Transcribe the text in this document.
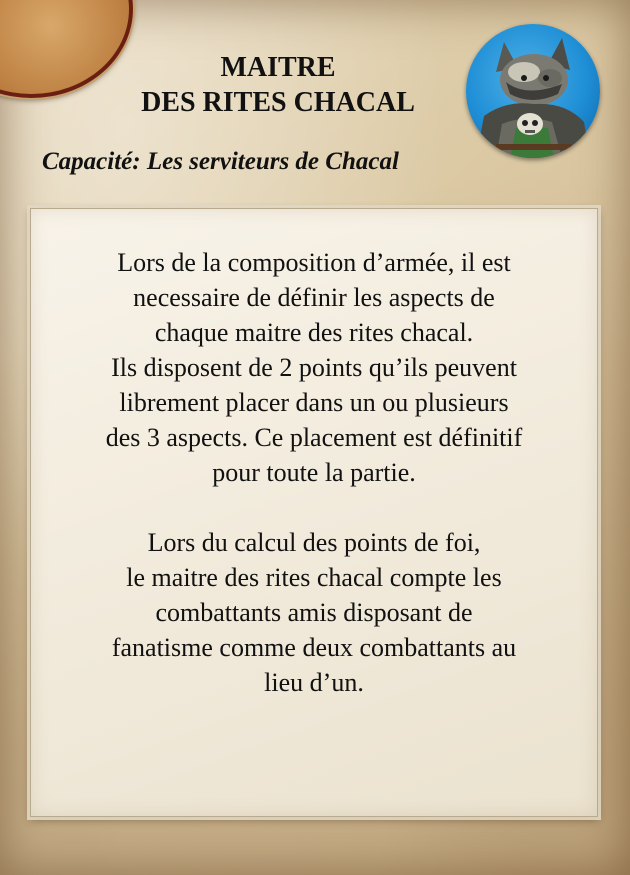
MAITRE
DES RITES CHACAL
Capacité: Les serviteurs de Chacal
Lors de la composition d’armée, il est
necessaire de définir les aspects de
chaque maitre des rites chacal.
Ils disposent de 2 points qu’ils peuvent
librement placer dans un ou plusieurs
des 3 aspects. Ce placement est définitif
pour toute la partie.
Lors du calcul des points de foi,
le maitre des rites chacal compte les
combattants amis disposant de
fanatisme comme deux combattants au
lieu d’un.
